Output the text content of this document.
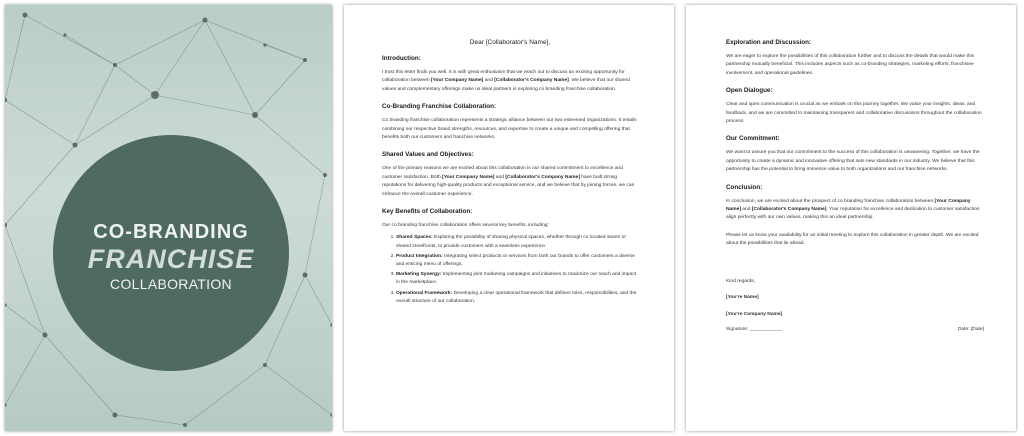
CO-BRANDING
FRANCHISE
COLLABORATION
Dear [Collaborator's Name],
Introduction:
I trust this letter finds you well. It is with great enthusiasm that we reach out to discuss an exciting opportunity for collaboration between [Your Company Name] and [Collaborator's Company Name]. We believe that our shared values and complementary offerings make us ideal partners in exploring co branding franchise collaboration.
Co-Branding Franchise Collaboration:
Co branding franchise collaboration represents a strategic alliance between our two esteemed organizations. It entails combining our respective brand strengths, resources, and expertise to create a unique and compelling offering that benefits both our customers and franchise networks.
Shared Values and Objectives:
One of the primary reasons we are excited about this collaboration is our shared commitment to excellence and customer satisfaction. Both [Your Company Name] and [Collaborator's Company Name] have built strong reputations for delivering high-quality products and exceptional service, and we believe that by joining forces, we can enhance the overall customer experience.
Key Benefits of Collaboration:
Our co branding franchise collaboration offers several key benefits, including:
1. Shared Spaces: Exploring the possibility of sharing physical spaces, whether through co located stores or shared storefronts, to provide customers with a seamless experience.
2. Product Integration: Integrating select products or services from both our brands to offer customers a diverse and enticing menu of offerings.
3. Marketing Synergy: Implementing joint marketing campaigns and initiatives to maximize our reach and impact in the marketplace.
4. Operational Framework: Developing a clear operational framework that defines roles, responsibilities, and the overall structure of our collaboration.
Exploration and Discussion:
We are eager to explore the possibilities of this collaboration further and to discuss the details that would make this partnership mutually beneficial. This includes aspects such as co-branding strategies, marketing efforts, franchisee involvement, and operational guidelines.
Open Dialogue:
Clear and open communication is crucial as we embark on this journey together. We value your insights, ideas, and feedback, and we are committed to maintaining transparent and collaborative discussions throughout the collaboration process.
Our Commitment:
We want to assure you that our commitment to the success of this collaboration is unwavering. Together, we have the opportunity to create a dynamic and innovative offering that sets new standards in our industry. We believe that this partnership has the potential to bring immense value to both organizations and our franchise networks.
Conclusion:
In conclusion, we are excited about the prospect of co branding franchise collaboration between [Your Company Name] and [Collaborator's Company Name]. Your reputation for excellence and dedication to customer satisfaction align perfectly with our own values, making this an ideal partnership.
Please let us know your availability for an initial meeting to explore this collaboration in greater depth. We are excited about the possibilities that lie ahead.
Kind regards,
[You're Name]
[You're Company Name]
Signature: ____________	Date: [Date]
